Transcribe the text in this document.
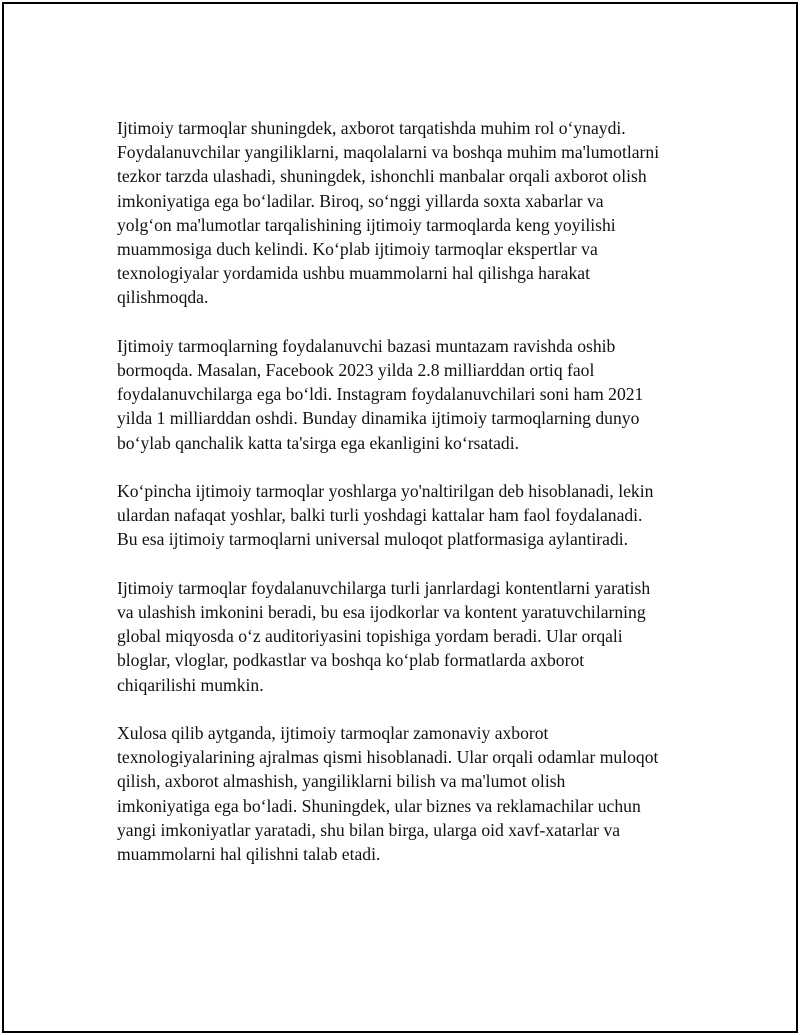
Ijtimoiy tarmoqlar shuningdek, axborot tarqatishda muhim rol o‘ynaydi.
Foydalanuvchilar yangiliklarni, maqolalarni va boshqa muhim ma'lumotlarni
tezkor tarzda ulashadi, shuningdek, ishonchli manbalar orqali axborot olish
imkoniyatiga ega bo‘ladilar. Biroq, so‘nggi yillarda soxta xabarlar va
yolg‘on ma'lumotlar tarqalishining ijtimoiy tarmoqlarda keng yoyilishi
muammosiga duch kelindi. Ko‘plab ijtimoiy tarmoqlar ekspertlar va
texnologiyalar yordamida ushbu muammolarni hal qilishga harakat
qilishmoqda.

Ijtimoiy tarmoqlarning foydalanuvchi bazasi muntazam ravishda oshib
bormoqda. Masalan, Facebook 2023 yilda 2.8 milliarddan ortiq faol
foydalanuvchilarga ega bo‘ldi. Instagram foydalanuvchilari soni ham 2021
yilda 1 milliarddan oshdi. Bunday dinamika ijtimoiy tarmoqlarning dunyo
bo‘ylab qanchalik katta ta'sirga ega ekanligini ko‘rsatadi.

Ko‘pincha ijtimoiy tarmoqlar yoshlarga yo'naltirilgan deb hisoblanadi, lekin
ulardan nafaqat yoshlar, balki turli yoshdagi kattalar ham faol foydalanadi.
Bu esa ijtimoiy tarmoqlarni universal muloqot platformasiga aylantiradi.

Ijtimoiy tarmoqlar foydalanuvchilarga turli janrlardagi kontentlarni yaratish
va ulashish imkonini beradi, bu esa ijodkorlar va kontent yaratuvchilarning
global miqyosda o‘z auditoriyasini topishiga yordam beradi. Ular orqali
bloglar, vloglar, podkastlar va boshqa ko‘plab formatlarda axborot
chiqarilishi mumkin.

Xulosa qilib aytganda, ijtimoiy tarmoqlar zamonaviy axborot
texnologiyalarining ajralmas qismi hisoblanadi. Ular orqali odamlar muloqot
qilish, axborot almashish, yangiliklarni bilish va ma'lumot olish
imkoniyatiga ega bo‘ladi. Shuningdek, ular biznes va reklamachilar uchun
yangi imkoniyatlar yaratadi, shu bilan birga, ularga oid xavf-xatarlar va
muammolarni hal qilishni talab etadi.
